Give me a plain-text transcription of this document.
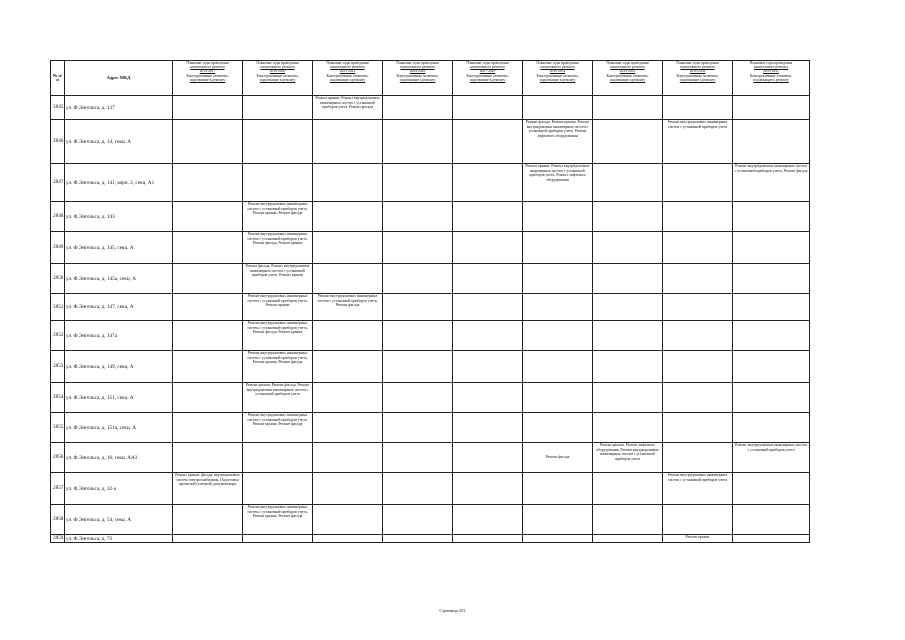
№ п/п	Адрес МКД	Плановые годы проведения
капитального ремонта
2014-2017
Конструктивные элементы,
подлежащие к ремонту	Плановые годы проведения
капитального ремонта
2018-2020
Конструктивные элементы,
подлежащие к ремонту	Плановые годы проведения
капитального ремонта
2021-2023
Конструктивные элементы,
подлежащие к ремонту	Плановые годы проведения
капитального ремонта
2024-2026
Конструктивные элементы,
подлежащие к ремонту	Плановые годы проведения
капитального ремонта
2027-2029
Конструктивные элементы,
подлежащие к ремонту	Плановые годы проведения
капитального ремонта
2030-2032
Конструктивные элементы,
подлежащие к ремонту	Плановые годы проведения
капитального ремонта
2033-2035
Конструктивные элементы,
подлежащие к ремонту	Плановые годы проведения
капитального ремонта
2036-2038
Конструктивные элементы,
подлежащие к ремонту	Плановые годы проведения
капитального ремонта
2039-2041
Конструктивные элементы,
подлежащие к ремонту

2845	ул. Ф.Энгельса, д. 137			Ремонт крыши, Ремонт внутридомовых инженерных систем с установкой приборов учета, Ремонт фасада						
2846	ул. Ф.Энгельса, д. 14, секц. А						Ремонт фасада, Ремонт крыши, Ремонт внутридомовых инженерных систем с установкой приборов учета, Ремонт лифтового оборудования		Ремонт внутридомовых инженерных систем с установкой приборов учета	
2847	ул. Ф.Энгельса, д. 141, корп. 2, секц. А1						Ремонт крыши, Ремонт внутридомовых инженерных систем с установкой приборов учета, Ремонт лифтового оборудования			Ремонт внутридомовых инженерных систем с установкой приборов учета, Ремонт фасада
2848	ул. Ф.Энгельса, д. 143		Ремонт внутридомовых инженерных систем с установкой приборов учета, Ремонт крыши, Ремонт фасада							
2849	ул. Ф.Энгельса, д. 145, секц. А		Ремонт внутридомовых инженерных систем с установкой приборов учета, Ремонт фасада, Ремонт крыши							
2850	ул. Ф.Энгельса, д. 145а, секц. А		Ремонт фасада, Ремонт внутридомовых инженерных систем с установкой приборов учета, Ремонт крыши							
2851	ул. Ф.Энгельса, д. 147, секц. А		Ремонт внутридомовых инженерных систем с установкой приборов учета, Ремонт крыши	Ремонт внутридомовых инженерных систем с установкой приборов учета, Ремонт фасада						
2852	ул. Ф.Энгельса, д. 147а		Ремонт внутридомовых инженерных систем с установкой приборов учета, Ремонт фасада, Ремонт крыши							
2853	ул. Ф.Энгельса, д. 149, секц. А		Ремонт внутридомовых инженерных систем с установкой приборов учета, Ремонт крыши, Ремонт фасада							
2854	ул. Ф.Энгельса, д. 151, секц. А		Ремонт крыши, Ремонт фасада, Ремонт внутридомовых инженерных систем с установкой приборов учета							
2855	ул. Ф.Энгельса, д. 151а, секц. А		Ремонт внутридомовых инженерных систем с установкой приборов учета, Ремонт крыши, Ремонт фасада							
2856	ул. Ф.Энгельса, д. 16, секц. АА3						Ремонт фасада	Ремонт крыши, Ремонт лифтового оборудования, Ремонт внутридомовых инженерных систем с установкой приборов учета		Ремонт внутридомовых инженерных систем с установкой приборов учета
2857	ул. Ф.Энгельса, д. 32-а	Ремонт крыши, фасада, внутридомовых систем электроснабжения. Подготовка проектной (сметной) документации							Ремонт внутридомовых инженерных систем с установкой приборов учета	
2858	ул. Ф.Энгельса, д. 54, секц. А		Ремонт внутридомовых инженерных систем с установкой приборов учета, Ремонт крыши, Ремонт фасада							
2859	ул. Ф.Энгельса, д. 73								Ремонт крыши	
Страница 252
